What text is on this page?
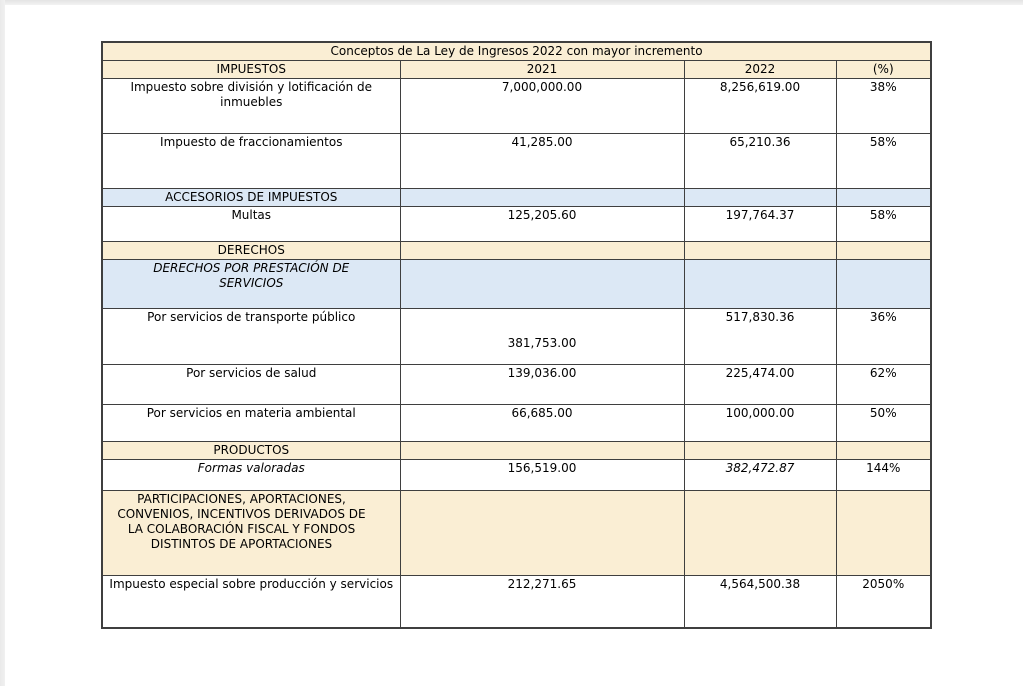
Conceptos de La Ley de Ingresos 2022 con mayor incremento			
IMPUESTOS	2021	2022	(%)

Impuesto sobre división y lotificación de inmuebles	7,000,000.00	8,256,619.00	38%

Impuesto de fraccionamientos	41,285.00	65,210.36	58%

ACCESORIOS DE IMPUESTOS			

Multas	125,205.60	197,764.37	58%

DERECHOS			

DERECHOS POR PRESTACIÓN DE SERVICIOS			

Por servicios de transporte público	381,753.00	517,830.36	36%

Por servicios de salud	139,036.00	225,474.00	62%

Por servicios en materia ambiental	66,685.00	100,000.00	50%

PRODUCTOS			

Formas valoradas	156,519.00	382,472.87	144%

PARTICIPACIONES, APORTACIONES, CONVENIOS, INCENTIVOS DERIVADOS DE LA COLABORACIÓN FISCAL Y FONDOS DISTINTOS DE APORTACIONES			

Impuesto especial sobre producción y servicios	212,271.65	4,564,500.38	2050%
